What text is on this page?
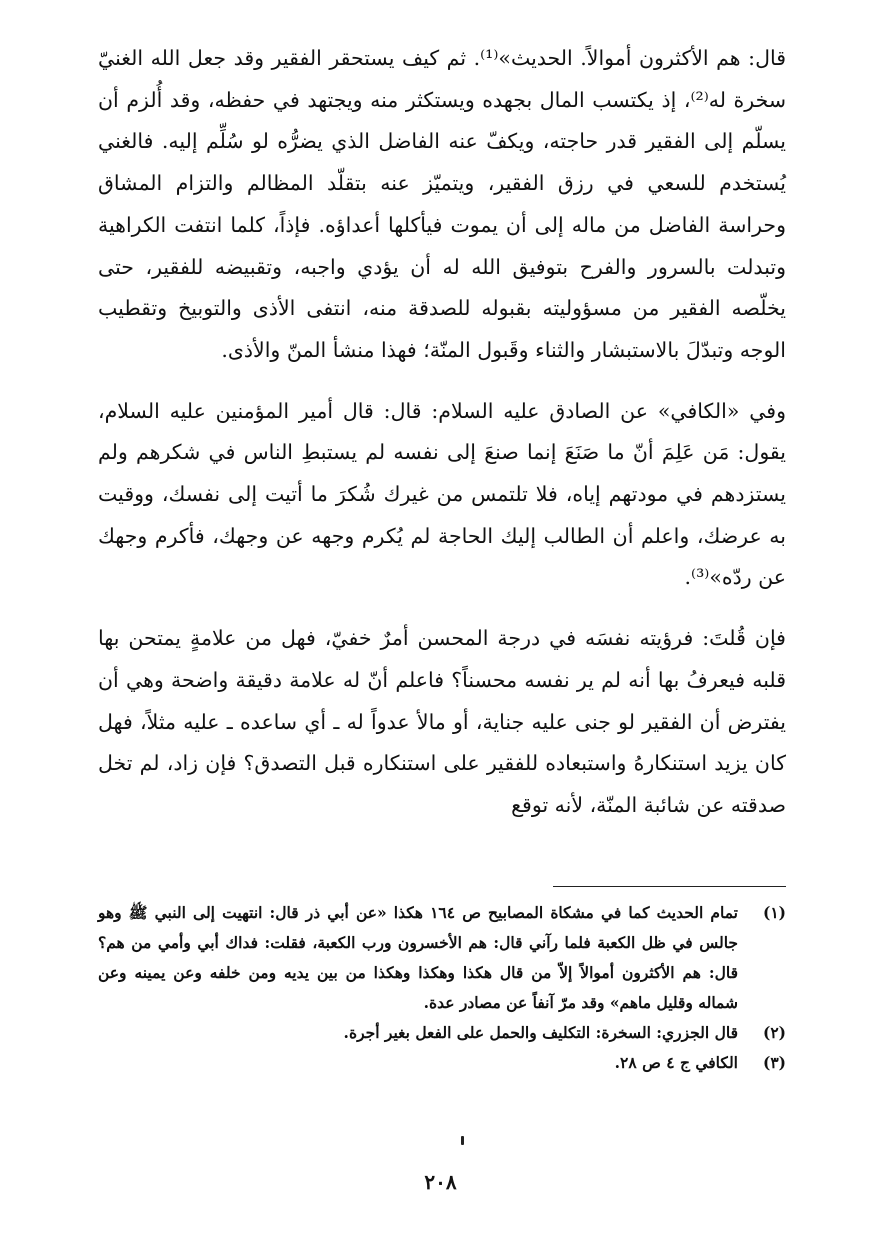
قال: هم الأكثرون أموالاً. الحديث»⁽¹⁾. ثم كيف يستحقر الفقير وقد جعل الله الغنيّ سخرة له⁽²⁾، إذ يكتسب المال بجهده ويستكثر منه ويجتهد في حفظه، وقد أُلزم أن يسلّم إلى الفقير قدر حاجته، ويكفّ عنه الفاضل الذي يضرُّه لو سُلِّم إليه. فالغني يُستخدم للسعي في رزق الفقير، ويتميّز عنه بتقلّد المظالم والتزام المشاق وحراسة الفاضل من ماله إلى أن يموت فيأكلها أعداؤه. فإذاً، كلما انتفت الكراهية وتبدلت بالسرور والفرح بتوفيق الله له أن يؤدي واجبه، وتقبيضه للفقير، حتى يخلّصه الفقير من مسؤوليته بقبوله للصدقة منه، انتفى الأذى والتوبيخ وتقطيب الوجه وتبدّلَ بالاستبشار والثناء وقَبول المنّة؛ فهذا منشأ المنّ والأذى.

وفي «الكافي» عن الصادق عليه السلام: قال: قال أمير المؤمنين عليه السلام، يقول: مَن عَلِمَ أنّ ما صَنَعَ إنما صنعَ إلى نفسه لم يستبطِ الناس في شكرهم ولم يستزدهم في مودتهم إياه، فلا تلتمس من غيرك شُكرَ ما أتيت إلى نفسك، ووقيت به عرضك، واعلم أن الطالب إليك الحاجة لم يُكرم وجهه عن وجهك، فأكرم وجهك عن ردّه»⁽³⁾.

فإن قُلتَ: فرؤيته نفسَه في درجة المحسن أمرٌ خفيّ، فهل من علامةٍ يمتحن بها قلبه فيعرفُ بها أنه لم ير نفسه محسناً؟ فاعلم أنّ له علامة دقيقة واضحة وهي أن يفترض أن الفقير لو جنى عليه جناية، أو مالأ عدواً له ـ أي ساعده ـ عليه مثلاً، فهل كان يزيد استنكارهُ واستبعاده للفقير على استنكاره قبل التصدق؟ فإن زاد، لم تخل صدقته عن شائبة المنّة، لأنه توقع

(١)
تمام الحديث كما في مشكاة المصابيح ص ١٦٤ هكذا «عن أبي ذر قال: انتهيت إلى النبي ﷺ وهو جالس في ظل الكعبة فلما رآني قال: هم الأخسرون ورب الكعبة، فقلت: فداك أبي وأمي من هم؟ قال: هم الأكثرون أموالاً إلاّ من قال هكذا وهكذا وهكذا من بين يديه ومن خلفه وعن يمينه وعن شماله وقليل ماهم» وقد مرّ آنفاً عن مصادر عدة.
(٢)
قال الجزري: السخرة: التكليف والحمل على الفعل بغير أجرة.
(٣)
الكافي ج ٤ ص ٢٨.
٢٠٨
